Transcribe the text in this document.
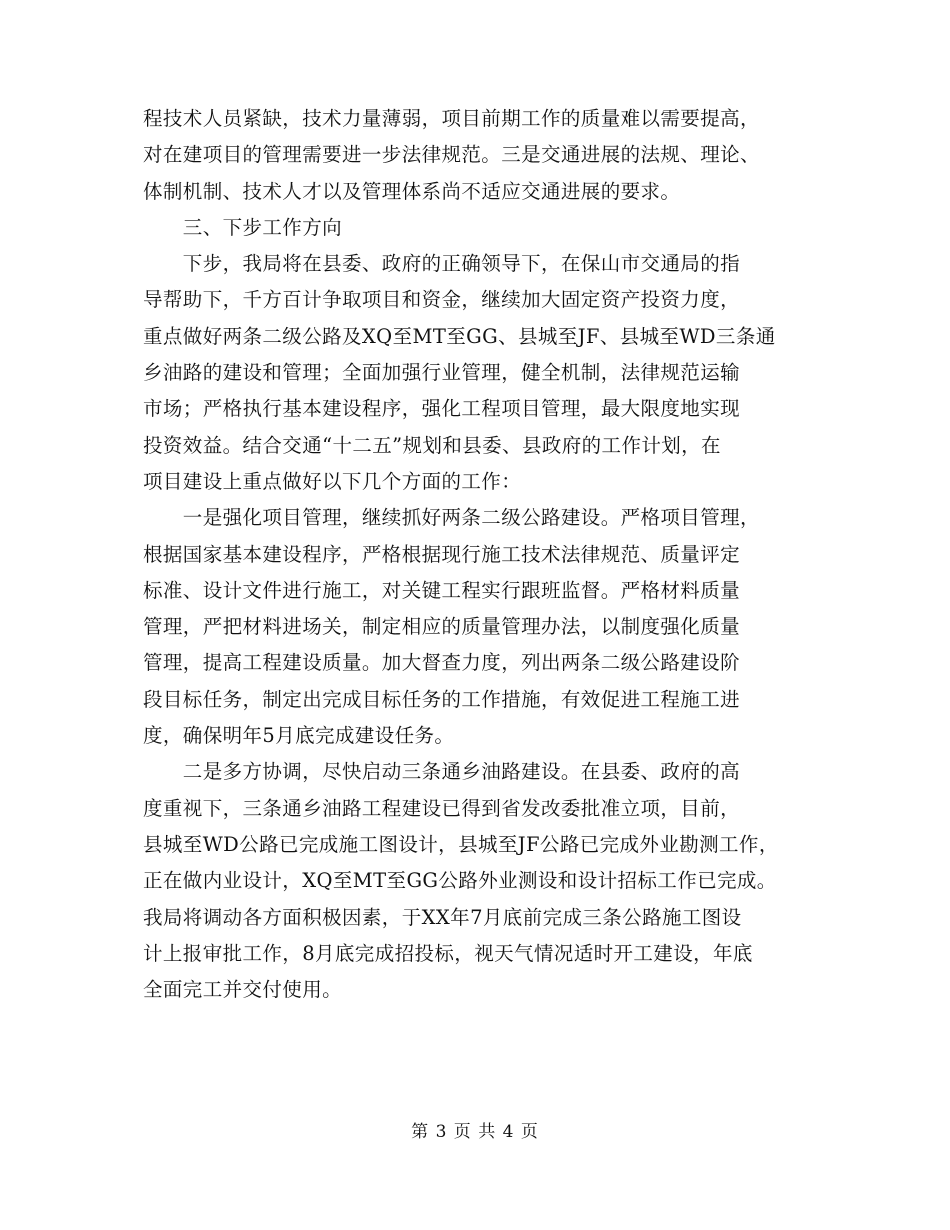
程技术人员紧缺，技术力量薄弱，项目前期工作的质量难以需要提高，
对在建项目的管理需要进一步法律规范。三是交通进展的法规、理论、
体制机制、技术人才以及管理体系尚不适应交通进展的要求。
　　三、下步工作方向
　　下步，我局将在县委、政府的正确领导下，在保山市交通局的指
导帮助下，千方百计争取项目和资金，继续加大固定资产投资力度，
重点做好两条二级公路及XQ至MT至GG、县城至JF、县城至WD三条通
乡油路的建设和管理；全面加强行业管理，健全机制，法律规范运输
市场；严格执行基本建设程序，强化工程项目管理，最大限度地实现
投资效益。结合交通“十二五”规划和县委、县政府的工作计划，在
项目建设上重点做好以下几个方面的工作：
　　一是强化项目管理，继续抓好两条二级公路建设。严格项目管理，
根据国家基本建设程序，严格根据现行施工技术法律规范、质量评定
标准、设计文件进行施工，对关键工程实行跟班监督。严格材料质量
管理，严把材料进场关，制定相应的质量管理办法，以制度强化质量
管理，提高工程建设质量。加大督查力度，列出两条二级公路建设阶
段目标任务，制定出完成目标任务的工作措施，有效促进工程施工进
度，确保明年5月底完成建设任务。
　　二是多方协调，尽快启动三条通乡油路建设。在县委、政府的高
度重视下，三条通乡油路工程建设已得到省发改委批准立项，目前，
县城至WD公路已完成施工图设计，县城至JF公路已完成外业勘测工作，
正在做内业设计，XQ至MT至GG公路外业测设和设计招标工作已完成。
我局将调动各方面积极因素，于XX年7月底前完成三条公路施工图设
计上报审批工作，8月底完成招投标，视天气情况适时开工建设，年底
全面完工并交付使用。
第 3 页 共 4 页
